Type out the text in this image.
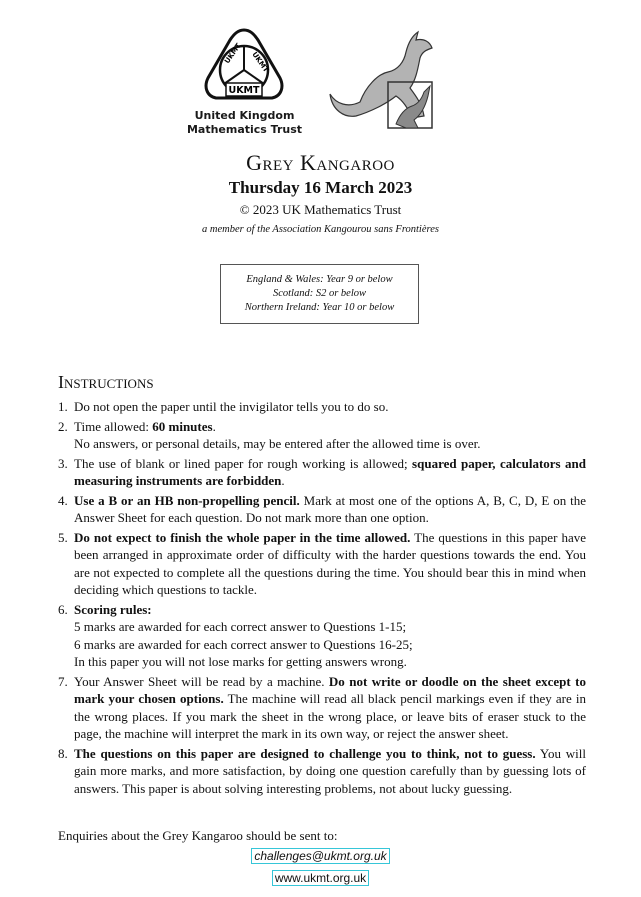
UKMT UKMT
UKMT
United Kingdom
Mathematics Trust
Grey Kangaroo
Thursday 16 March 2023
© 2023 UK Mathematics Trust
a member of the Association Kangourou sans Frontières
England & Wales: Year 9 or below
Scotland: S2 or below
Northern Ireland: Year 10 or below
Instructions
1. Do not open the paper until the invigilator tells you to do so.
2. Time allowed: 60 minutes.
No answers, or personal details, may be entered after the allowed time is over.
3. The use of blank or lined paper for rough working is allowed; squared paper, calculators and measuring instruments are forbidden.
4. Use a B or an HB non-propelling pencil. Mark at most one of the options A, B, C, D, E on the Answer Sheet for each question. Do not mark more than one option.
5. Do not expect to finish the whole paper in the time allowed. The questions in this paper have been arranged in approximate order of difficulty with the harder questions towards the end. You are not expected to complete all the questions during the time. You should bear this in mind when deciding which questions to tackle.
6. Scoring rules:
5 marks are awarded for each correct answer to Questions 1-15;
6 marks are awarded for each correct answer to Questions 16-25;
In this paper you will not lose marks for getting answers wrong.
7. Your Answer Sheet will be read by a machine. Do not write or doodle on the sheet except to mark your chosen options. The machine will read all black pencil markings even if they are in the wrong places. If you mark the sheet in the wrong place, or leave bits of eraser stuck to the page, the machine will interpret the mark in its own way, or reject the answer sheet.
8. The questions on this paper are designed to challenge you to think, not to guess. You will gain more marks, and more satisfaction, by doing one question carefully than by guessing lots of answers. This paper is about solving interesting problems, not about lucky guessing.
Enquiries about the Grey Kangaroo should be sent to:
challenges@ukmt.org.uk
www.ukmt.org.uk
